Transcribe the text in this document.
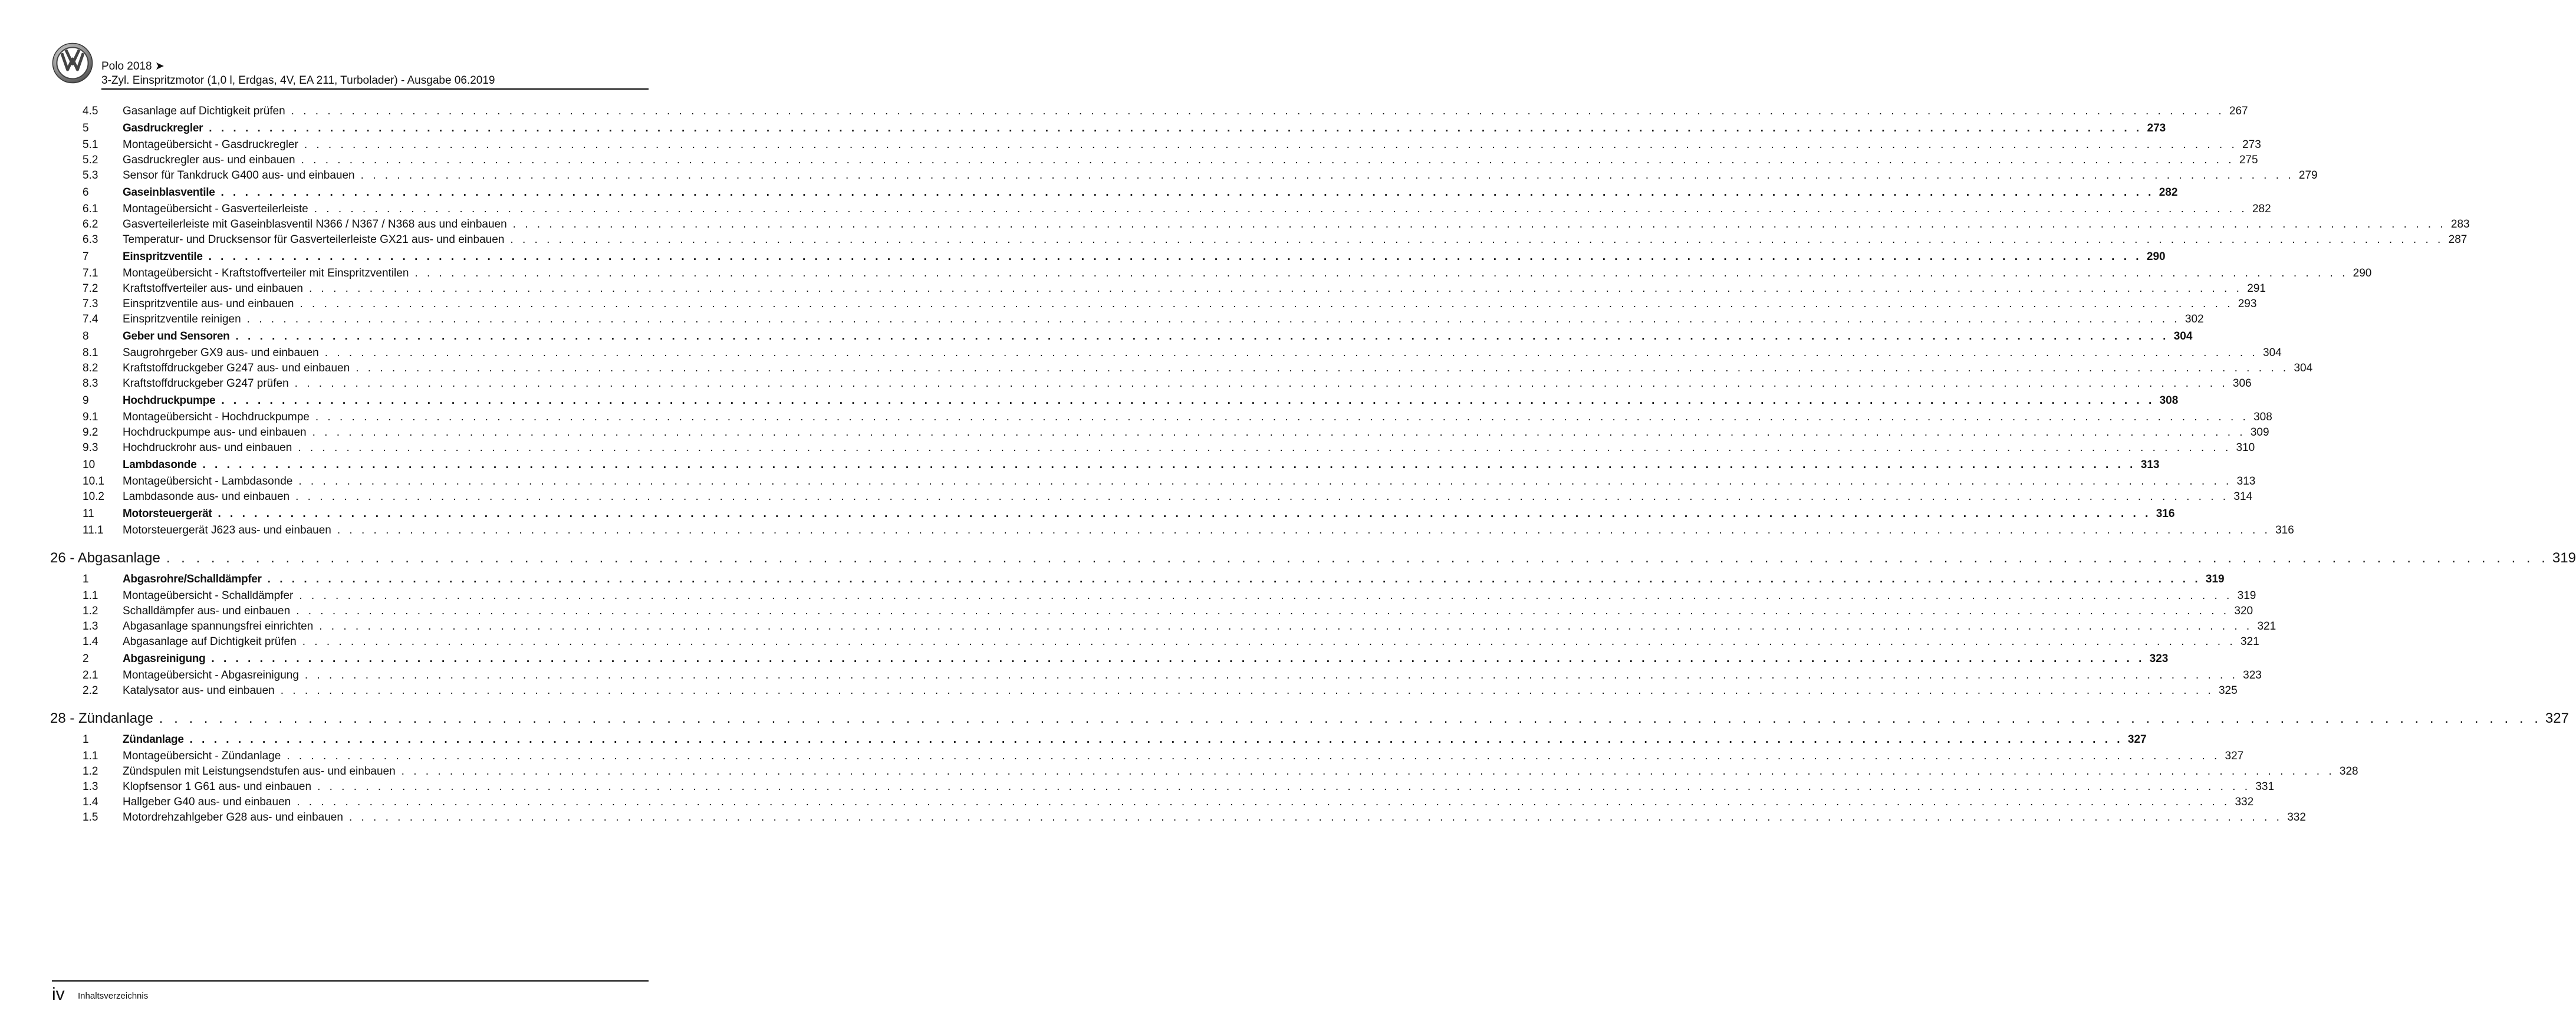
Polo 2018 ➤
3-Zyl. Einspritzmotor (1,0 l, Erdgas, 4V, EA 211, Turbolader) - Ausgabe 06.2019
4.5	Gasanlage auf Dichtigkeit prüfen . . . . . . . . . . . . . . . . . . . . . . . . . . . . . . . . . . . . . . . . . . . . . . . . . . . . . . . . . . . . . . . . . . . . . . . . . . . . . . . . . . . . . . . . . . . . . . . . . . . . . . . . . . . . . . . . . . . . . . . . . . . . . . . . . . . . . . . . . . . . . . . . . . . . . . . . . . . . . . . . 267
5	Gasdruckregler . . . . . . . . . . . . . . . . . . . . . . . . . . . . . . . . . . . . . . . . . . . . . . . . . . . . . . . . . . . . . . . . . . . . . . . . . . . . . . . . . . . . . . . . . . . . . . . . . . . . . . . . . . . . . . . . . . . . . . . . . . . . . . . . . . . . . . . . . . . . . . . . . . . . . . . . . . . . . . . . 273
5.1	Montageübersicht - Gasdruckregler . . . . . . . . . . . . . . . . . . . . . . . . . . . . . . . . . . . . . . . . . . . . . . . . . . . . . . . . . . . . . . . . . . . . . . . . . . . . . . . . . . . . . . . . . . . . . . . . . . . . . . . . . . . . . . . . . . . . . . . . . . . . . . . . . . . . . . . . . . . . . . . . . . . . . . . . . . . . . . . . 273
5.2	Gasdruckregler aus- und einbauen . . . . . . . . . . . . . . . . . . . . . . . . . . . . . . . . . . . . . . . . . . . . . . . . . . . . . . . . . . . . . . . . . . . . . . . . . . . . . . . . . . . . . . . . . . . . . . . . . . . . . . . . . . . . . . . . . . . . . . . . . . . . . . . . . . . . . . . . . . . . . . . . . . . . . . . . . . . . . . . . 275
5.3	Sensor für Tankdruck G400 aus- und einbauen . . . . . . . . . . . . . . . . . . . . . . . . . . . . . . . . . . . . . . . . . . . . . . . . . . . . . . . . . . . . . . . . . . . . . . . . . . . . . . . . . . . . . . . . . . . . . . . . . . . . . . . . . . . . . . . . . . . . . . . . . . . . . . . . . . . . . . . . . . . . . . . . . . . . . . . . . . . . . . . . 279
6	Gaseinblasventile . . . . . . . . . . . . . . . . . . . . . . . . . . . . . . . . . . . . . . . . . . . . . . . . . . . . . . . . . . . . . . . . . . . . . . . . . . . . . . . . . . . . . . . . . . . . . . . . . . . . . . . . . . . . . . . . . . . . . . . . . . . . . . . . . . . . . . . . . . . . . . . . . . . . . . . . . . . . . . . . 282
6.1	Montageübersicht - Gasverteilerleiste . . . . . . . . . . . . . . . . . . . . . . . . . . . . . . . . . . . . . . . . . . . . . . . . . . . . . . . . . . . . . . . . . . . . . . . . . . . . . . . . . . . . . . . . . . . . . . . . . . . . . . . . . . . . . . . . . . . . . . . . . . . . . . . . . . . . . . . . . . . . . . . . . . . . . . . . . . . . . . . . 282
6.2	Gasverteilerleiste mit Gaseinblasventil N366 / N367 / N368 aus und einbauen . . . . . . . . . . . . . . . . . . . . . . . . . . . . . . . . . . . . . . . . . . . . . . . . . . . . . . . . . . . . . . . . . . . . . . . . . . . . . . . . . . . . . . . . . . . . . . . . . . . . . . . . . . . . . . . . . . . . . . . . . . . . . . . . . . . . . . . . . . . . . . . . . . . . . . . . . . . . . . . . 283
6.3	Temperatur- und Drucksensor für Gasverteilerleiste GX21 aus- und einbauen . . . . . . . . . . . . . . . . . . . . . . . . . . . . . . . . . . . . . . . . . . . . . . . . . . . . . . . . . . . . . . . . . . . . . . . . . . . . . . . . . . . . . . . . . . . . . . . . . . . . . . . . . . . . . . . . . . . . . . . . . . . . . . . . . . . . . . . . . . . . . . . . . . . . . . . . . . . . . . . . 287
7	Einspritzventile . . . . . . . . . . . . . . . . . . . . . . . . . . . . . . . . . . . . . . . . . . . . . . . . . . . . . . . . . . . . . . . . . . . . . . . . . . . . . . . . . . . . . . . . . . . . . . . . . . . . . . . . . . . . . . . . . . . . . . . . . . . . . . . . . . . . . . . . . . . . . . . . . . . . . . . . . . . . . . . . 290
7.1	Montageübersicht - Kraftstoffverteiler mit Einspritzventilen . . . . . . . . . . . . . . . . . . . . . . . . . . . . . . . . . . . . . . . . . . . . . . . . . . . . . . . . . . . . . . . . . . . . . . . . . . . . . . . . . . . . . . . . . . . . . . . . . . . . . . . . . . . . . . . . . . . . . . . . . . . . . . . . . . . . . . . . . . . . . . . . . . . . . . . . . . . . . . . . 290
7.2	Kraftstoffverteiler aus- und einbauen . . . . . . . . . . . . . . . . . . . . . . . . . . . . . . . . . . . . . . . . . . . . . . . . . . . . . . . . . . . . . . . . . . . . . . . . . . . . . . . . . . . . . . . . . . . . . . . . . . . . . . . . . . . . . . . . . . . . . . . . . . . . . . . . . . . . . . . . . . . . . . . . . . . . . . . . . . . . . . . . 291
7.3	Einspritzventile aus- und einbauen . . . . . . . . . . . . . . . . . . . . . . . . . . . . . . . . . . . . . . . . . . . . . . . . . . . . . . . . . . . . . . . . . . . . . . . . . . . . . . . . . . . . . . . . . . . . . . . . . . . . . . . . . . . . . . . . . . . . . . . . . . . . . . . . . . . . . . . . . . . . . . . . . . . . . . . . . . . . . . . . 293
7.4	Einspritzventile reinigen . . . . . . . . . . . . . . . . . . . . . . . . . . . . . . . . . . . . . . . . . . . . . . . . . . . . . . . . . . . . . . . . . . . . . . . . . . . . . . . . . . . . . . . . . . . . . . . . . . . . . . . . . . . . . . . . . . . . . . . . . . . . . . . . . . . . . . . . . . . . . . . . . . . . . . . . . . . . . . . . 302
8	Geber und Sensoren . . . . . . . . . . . . . . . . . . . . . . . . . . . . . . . . . . . . . . . . . . . . . . . . . . . . . . . . . . . . . . . . . . . . . . . . . . . . . . . . . . . . . . . . . . . . . . . . . . . . . . . . . . . . . . . . . . . . . . . . . . . . . . . . . . . . . . . . . . . . . . . . . . . . . . . . . . . . . . . . 304
8.1	Saugrohrgeber GX9 aus- und einbauen . . . . . . . . . . . . . . . . . . . . . . . . . . . . . . . . . . . . . . . . . . . . . . . . . . . . . . . . . . . . . . . . . . . . . . . . . . . . . . . . . . . . . . . . . . . . . . . . . . . . . . . . . . . . . . . . . . . . . . . . . . . . . . . . . . . . . . . . . . . . . . . . . . . . . . . . . . . . . . . . 304
8.2	Kraftstoffdruckgeber G247 aus- und einbauen . . . . . . . . . . . . . . . . . . . . . . . . . . . . . . . . . . . . . . . . . . . . . . . . . . . . . . . . . . . . . . . . . . . . . . . . . . . . . . . . . . . . . . . . . . . . . . . . . . . . . . . . . . . . . . . . . . . . . . . . . . . . . . . . . . . . . . . . . . . . . . . . . . . . . . . . . . . . . . . . 304
8.3	Kraftstoffdruckgeber G247 prüfen . . . . . . . . . . . . . . . . . . . . . . . . . . . . . . . . . . . . . . . . . . . . . . . . . . . . . . . . . . . . . . . . . . . . . . . . . . . . . . . . . . . . . . . . . . . . . . . . . . . . . . . . . . . . . . . . . . . . . . . . . . . . . . . . . . . . . . . . . . . . . . . . . . . . . . . . . . . . . . . . 306
9	Hochdruckpumpe . . . . . . . . . . . . . . . . . . . . . . . . . . . . . . . . . . . . . . . . . . . . . . . . . . . . . . . . . . . . . . . . . . . . . . . . . . . . . . . . . . . . . . . . . . . . . . . . . . . . . . . . . . . . . . . . . . . . . . . . . . . . . . . . . . . . . . . . . . . . . . . . . . . . . . . . . . . . . . . . 308
9.1	Montageübersicht - Hochdruckpumpe . . . . . . . . . . . . . . . . . . . . . . . . . . . . . . . . . . . . . . . . . . . . . . . . . . . . . . . . . . . . . . . . . . . . . . . . . . . . . . . . . . . . . . . . . . . . . . . . . . . . . . . . . . . . . . . . . . . . . . . . . . . . . . . . . . . . . . . . . . . . . . . . . . . . . . . . . . . . . . . . 308
9.2	Hochdruckpumpe aus- und einbauen . . . . . . . . . . . . . . . . . . . . . . . . . . . . . . . . . . . . . . . . . . . . . . . . . . . . . . . . . . . . . . . . . . . . . . . . . . . . . . . . . . . . . . . . . . . . . . . . . . . . . . . . . . . . . . . . . . . . . . . . . . . . . . . . . . . . . . . . . . . . . . . . . . . . . . . . . . . . . . . . 309
9.3	Hochdruckrohr aus- und einbauen . . . . . . . . . . . . . . . . . . . . . . . . . . . . . . . . . . . . . . . . . . . . . . . . . . . . . . . . . . . . . . . . . . . . . . . . . . . . . . . . . . . . . . . . . . . . . . . . . . . . . . . . . . . . . . . . . . . . . . . . . . . . . . . . . . . . . . . . . . . . . . . . . . . . . . . . . . . . . . . . 310
10	Lambdasonde . . . . . . . . . . . . . . . . . . . . . . . . . . . . . . . . . . . . . . . . . . . . . . . . . . . . . . . . . . . . . . . . . . . . . . . . . . . . . . . . . . . . . . . . . . . . . . . . . . . . . . . . . . . . . . . . . . . . . . . . . . . . . . . . . . . . . . . . . . . . . . . . . . . . . . . . . . . . . . . . 313
10.1	Montageübersicht - Lambdasonde . . . . . . . . . . . . . . . . . . . . . . . . . . . . . . . . . . . . . . . . . . . . . . . . . . . . . . . . . . . . . . . . . . . . . . . . . . . . . . . . . . . . . . . . . . . . . . . . . . . . . . . . . . . . . . . . . . . . . . . . . . . . . . . . . . . . . . . . . . . . . . . . . . . . . . . . . . . . . . . . 313
10.2	Lambdasonde aus- und einbauen . . . . . . . . . . . . . . . . . . . . . . . . . . . . . . . . . . . . . . . . . . . . . . . . . . . . . . . . . . . . . . . . . . . . . . . . . . . . . . . . . . . . . . . . . . . . . . . . . . . . . . . . . . . . . . . . . . . . . . . . . . . . . . . . . . . . . . . . . . . . . . . . . . . . . . . . . . . . . . . . 314
11	Motorsteuergerät . . . . . . . . . . . . . . . . . . . . . . . . . . . . . . . . . . . . . . . . . . . . . . . . . . . . . . . . . . . . . . . . . . . . . . . . . . . . . . . . . . . . . . . . . . . . . . . . . . . . . . . . . . . . . . . . . . . . . . . . . . . . . . . . . . . . . . . . . . . . . . . . . . . . . . . . . . . . . . . . 316
11.1	Motorsteuergerät J623 aus- und einbauen . . . . . . . . . . . . . . . . . . . . . . . . . . . . . . . . . . . . . . . . . . . . . . . . . . . . . . . . . . . . . . . . . . . . . . . . . . . . . . . . . . . . . . . . . . . . . . . . . . . . . . . . . . . . . . . . . . . . . . . . . . . . . . . . . . . . . . . . . . . . . . . . . . . . . . . . . . . . . . . . 316
26 - Abgasanlage . . . . . . . . . . . . . . . . . . . . . . . . . . . . . . . . . . . . . . . . . . . . . . . . . . . . . . . . . . . . . . . . . . . . . . . . . . . . . . . . . . . . . . . . . . . . . . . . . . . . . . . . . . . . . . . . . . . . . . . . . . . . . . . . . . . . . . . . . . . . . . . . . . . . . . . . . . . . . . . . 319
1	Abgasrohre/Schalldämpfer . . . . . . . . . . . . . . . . . . . . . . . . . . . . . . . . . . . . . . . . . . . . . . . . . . . . . . . . . . . . . . . . . . . . . . . . . . . . . . . . . . . . . . . . . . . . . . . . . . . . . . . . . . . . . . . . . . . . . . . . . . . . . . . . . . . . . . . . . . . . . . . . . . . . . . . . . . . . . . . . 319
1.1	Montageübersicht - Schalldämpfer . . . . . . . . . . . . . . . . . . . . . . . . . . . . . . . . . . . . . . . . . . . . . . . . . . . . . . . . . . . . . . . . . . . . . . . . . . . . . . . . . . . . . . . . . . . . . . . . . . . . . . . . . . . . . . . . . . . . . . . . . . . . . . . . . . . . . . . . . . . . . . . . . . . . . . . . . . . . . . . . 319
1.2	Schalldämpfer aus- und einbauen . . . . . . . . . . . . . . . . . . . . . . . . . . . . . . . . . . . . . . . . . . . . . . . . . . . . . . . . . . . . . . . . . . . . . . . . . . . . . . . . . . . . . . . . . . . . . . . . . . . . . . . . . . . . . . . . . . . . . . . . . . . . . . . . . . . . . . . . . . . . . . . . . . . . . . . . . . . . . . . . 320
1.3	Abgasanlage spannungsfrei einrichten . . . . . . . . . . . . . . . . . . . . . . . . . . . . . . . . . . . . . . . . . . . . . . . . . . . . . . . . . . . . . . . . . . . . . . . . . . . . . . . . . . . . . . . . . . . . . . . . . . . . . . . . . . . . . . . . . . . . . . . . . . . . . . . . . . . . . . . . . . . . . . . . . . . . . . . . . . . . . . . . 321
1.4	Abgasanlage auf Dichtigkeit prüfen . . . . . . . . . . . . . . . . . . . . . . . . . . . . . . . . . . . . . . . . . . . . . . . . . . . . . . . . . . . . . . . . . . . . . . . . . . . . . . . . . . . . . . . . . . . . . . . . . . . . . . . . . . . . . . . . . . . . . . . . . . . . . . . . . . . . . . . . . . . . . . . . . . . . . . . . . . . . . . . . 321
2	Abgasreinigung . . . . . . . . . . . . . . . . . . . . . . . . . . . . . . . . . . . . . . . . . . . . . . . . . . . . . . . . . . . . . . . . . . . . . . . . . . . . . . . . . . . . . . . . . . . . . . . . . . . . . . . . . . . . . . . . . . . . . . . . . . . . . . . . . . . . . . . . . . . . . . . . . . . . . . . . . . . . . . . . 323
2.1	Montageübersicht - Abgasreinigung . . . . . . . . . . . . . . . . . . . . . . . . . . . . . . . . . . . . . . . . . . . . . . . . . . . . . . . . . . . . . . . . . . . . . . . . . . . . . . . . . . . . . . . . . . . . . . . . . . . . . . . . . . . . . . . . . . . . . . . . . . . . . . . . . . . . . . . . . . . . . . . . . . . . . . . . . . . . . . . . 323
2.2	Katalysator aus- und einbauen . . . . . . . . . . . . . . . . . . . . . . . . . . . . . . . . . . . . . . . . . . . . . . . . . . . . . . . . . . . . . . . . . . . . . . . . . . . . . . . . . . . . . . . . . . . . . . . . . . . . . . . . . . . . . . . . . . . . . . . . . . . . . . . . . . . . . . . . . . . . . . . . . . . . . . . . . . . . . . . . 325
28 - Zündanlage . . . . . . . . . . . . . . . . . . . . . . . . . . . . . . . . . . . . . . . . . . . . . . . . . . . . . . . . . . . . . . . . . . . . . . . . . . . . . . . . . . . . . . . . . . . . . . . . . . . . . . . . . . . . . . . . . . . . . . . . . . . . . . . . . . . . . . . . . . . . . . . . . . . . . . . . . . . . . . . . 327
1	Zündanlage . . . . . . . . . . . . . . . . . . . . . . . . . . . . . . . . . . . . . . . . . . . . . . . . . . . . . . . . . . . . . . . . . . . . . . . . . . . . . . . . . . . . . . . . . . . . . . . . . . . . . . . . . . . . . . . . . . . . . . . . . . . . . . . . . . . . . . . . . . . . . . . . . . . . . . . . . . . . . . . . 327
1.1	Montageübersicht - Zündanlage . . . . . . . . . . . . . . . . . . . . . . . . . . . . . . . . . . . . . . . . . . . . . . . . . . . . . . . . . . . . . . . . . . . . . . . . . . . . . . . . . . . . . . . . . . . . . . . . . . . . . . . . . . . . . . . . . . . . . . . . . . . . . . . . . . . . . . . . . . . . . . . . . . . . . . . . . . . . . . . . 327
1.2	Zündspulen mit Leistungsendstufen aus- und einbauen . . . . . . . . . . . . . . . . . . . . . . . . . . . . . . . . . . . . . . . . . . . . . . . . . . . . . . . . . . . . . . . . . . . . . . . . . . . . . . . . . . . . . . . . . . . . . . . . . . . . . . . . . . . . . . . . . . . . . . . . . . . . . . . . . . . . . . . . . . . . . . . . . . . . . . . . . . . . . . . . 328
1.3	Klopfsensor 1 G61 aus- und einbauen . . . . . . . . . . . . . . . . . . . . . . . . . . . . . . . . . . . . . . . . . . . . . . . . . . . . . . . . . . . . . . . . . . . . . . . . . . . . . . . . . . . . . . . . . . . . . . . . . . . . . . . . . . . . . . . . . . . . . . . . . . . . . . . . . . . . . . . . . . . . . . . . . . . . . . . . . . . . . . . . 331
1.4	Hallgeber G40 aus- und einbauen . . . . . . . . . . . . . . . . . . . . . . . . . . . . . . . . . . . . . . . . . . . . . . . . . . . . . . . . . . . . . . . . . . . . . . . . . . . . . . . . . . . . . . . . . . . . . . . . . . . . . . . . . . . . . . . . . . . . . . . . . . . . . . . . . . . . . . . . . . . . . . . . . . . . . . . . . . . . . . . . 332
1.5	Motordrehzahlgeber G28 aus- und einbauen . . . . . . . . . . . . . . . . . . . . . . . . . . . . . . . . . . . . . . . . . . . . . . . . . . . . . . . . . . . . . . . . . . . . . . . . . . . . . . . . . . . . . . . . . . . . . . . . . . . . . . . . . . . . . . . . . . . . . . . . . . . . . . . . . . . . . . . . . . . . . . . . . . . . . . . . . . . . . . . . 332
iv Inhaltsverzeichnis
